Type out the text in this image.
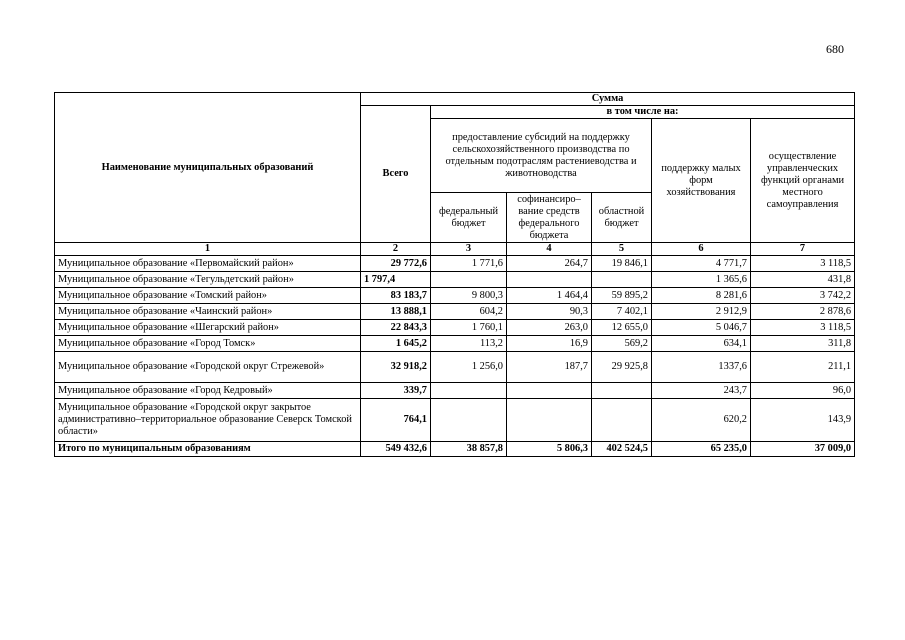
680
Наименование муниципальных образований	Сумма					
	Всего	в том числе на:				
		предоставление субсидий на поддержку сельскохозяйственного производства по отдельным подотраслям растениеводства и животноводства			поддержку малых форм хозяйствования	осуществление управленческих функций органами местного самоуправления
		федеральный бюджет	софинансиро– вание средств федерального бюджета	областной бюджет		
1	2	3	4	5	6	7
Муниципальное образование «Первомайский район»	29 772,6	1 771,6	264,7	19 846,1	4 771,7	3 118,5
Муниципальное образование «Тегульдетский район»	1 797,4				1 365,6	431,8
Муниципальное образование «Томский район»	83 183,7	9 800,3	1 464,4	59 895,2	8 281,6	3 742,2
Муниципальное образование «Чаинский район»	13 888,1	604,2	90,3	7 402,1	2 912,9	2 878,6
Муниципальное образование «Шегарский район»	22 843,3	1 760,1	263,0	12 655,0	5 046,7	3 118,5
Муниципальное образование «Город Томск»	1 645,2	113,2	16,9	569,2	634,1	311,8
Муниципальное образование «Городской округ Стрежевой»	32 918,2	1 256,0	187,7	29 925,8	1337,6	211,1
Муниципальное образование «Город Кедровый»	339,7				243,7	96,0
Муниципальное образование «Городской округ закрытое административно–территориальное образование Северск Томской области»	764,1				620,2	143,9
Итого по муниципальным образованиям	549 432,6	38 857,8	5 806,3	402 524,5	65 235,0	37 009,0
